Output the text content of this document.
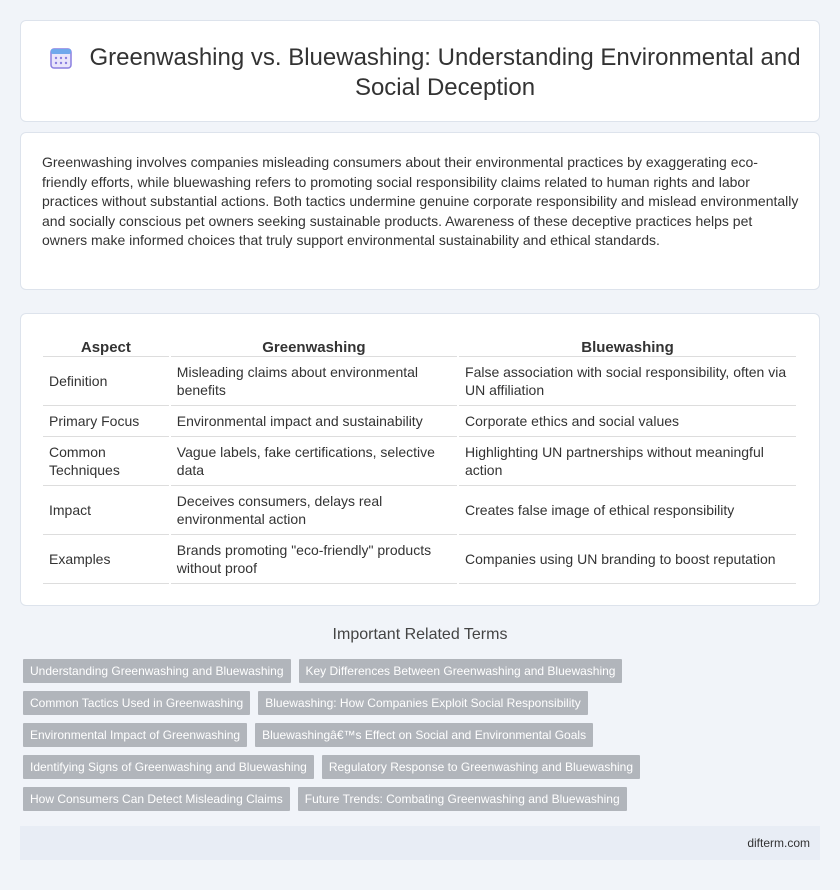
Greenwashing vs. Bluewashing: Understanding Environmental and Social Deception

Greenwashing involves companies misleading consumers about their environmental practices by exaggerating eco-friendly efforts, while bluewashing refers to promoting social responsibility claims related to human rights and labor practices without substantial actions. Both tactics undermine genuine corporate responsibility and mislead environmentally and socially conscious pet owners seeking sustainable products. Awareness of these deceptive practices helps pet owners make informed choices that truly support environmental sustainability and ethical standards.

Aspect	Greenwashing	Bluewashing
Definition	Misleading claims about environmental benefits	False association with social responsibility, often via UN affiliation
Primary Focus	Environmental impact and sustainability	Corporate ethics and social values
Common Techniques	Vague labels, fake certifications, selective data	Highlighting UN partnerships without meaningful action
Impact	Deceives consumers, delays real environmental action	Creates false image of ethical responsibility
Examples	Brands promoting "eco-friendly" products without proof	Companies using UN branding to boost reputation
Important Related Terms
Understanding Greenwashing and Bluewashing	Key Differences Between Greenwashing and Bluewashing
Common Tactics Used in Greenwashing	Bluewashing: How Companies Exploit Social Responsibility
Environmental Impact of Greenwashing	Bluewashingâ€™s Effect on Social and Environmental Goals
Identifying Signs of Greenwashing and Bluewashing	Regulatory Response to Greenwashing and Bluewashing
How Consumers Can Detect Misleading Claims	Future Trends: Combating Greenwashing and Bluewashing
difterm.com
